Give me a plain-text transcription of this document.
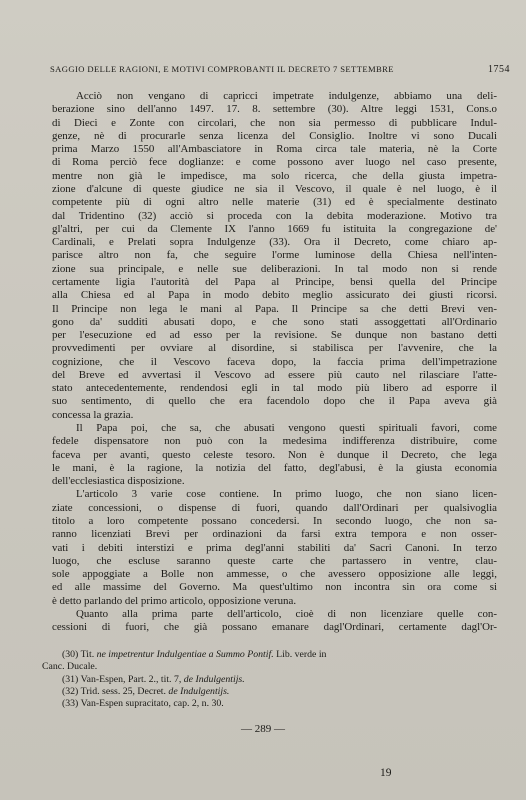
SAGGIO DELLE RAGIONI, E MOTIVI COMPROBANTI IL DECRETO 7 SETTEMBRE	1754
Acciò non vengano di capricci impetrate indulgenze, abbiamo una deli-
berazione sino dell'anno 1497. 17. 8. settembre (30). Altre leggi 1531, Cons.o
di Dieci e Zonte con circolari, che non sia permesso di pubblicare Indul-
genze, nè di procurarle senza licenza del Consiglio. Inoltre vi sono Ducali
prima Marzo 1550 all'Ambasciatore in Roma circa tale materia, nè la Corte
di Roma perciò fece doglianze: e come possono aver luogo nel caso presente,
mentre non già le impedisce, ma solo ricerca, che della giusta impetra-
zione d'alcune di queste giudice ne sia il Vescovo, il quale è nel luogo, è il
competente più di ogni altro nelle materie (31) ed è specialmente destinato
dal Tridentino (32) acciò si proceda con la debita moderazione. Motivo tra
gl'altri, per cui da Clemente IX l'anno 1669 fu istituita la congregazione de'
Cardinali, e Prelati sopra Indulgenze (33). Ora il Decreto, come chiaro ap-
parisce altro non fa, che seguire l'orme luminose della Chiesa nell'inten-
zione sua principale, e nelle sue deliberazioni. In tal modo non si rende
certamente ligia l'autorità del Papa al Principe, bensì quella del Principe
alla Chiesa ed al Papa in modo debito meglio assicurato dei giusti ricorsi.
Il Principe non lega le mani al Papa. Il Principe sa che detti Brevi ven-
gono da' sudditi abusati dopo, e che sono stati assoggettati all'Ordinario
per l'esecuzione ed ad esso per la revisione. Se dunque non bastano detti
provvedimenti per ovviare al disordine, si stabilisca per l'avvenire, che la
cognizione, che il Vescovo faceva dopo, la faccia prima dell'impetrazione
del Breve ed avvertasi il Vescovo ad essere più cauto nel rilasciare l'atte-
stato antecedentemente, rendendosi egli in tal modo più libero ad esporre il
suo sentimento, di quello che era facendolo dopo che il Papa aveva già
concessa la grazia.
Il Papa poi, che sa, che abusati vengono questi spirituali favori, come
fedele dispensatore non può con la medesima indifferenza distribuire, come
faceva per avanti, questo celeste tesoro. Non è dunque il Decreto, che lega
le mani, è la ragione, la notizia del fatto, degl'abusi, è la giusta economia
dell'ecclesiastica disposizione.
L'articolo 3 varie cose contiene. In primo luogo, che non siano licen-
ziate concessioni, o dispense di fuori, quando dall'Ordinari per qualsivoglia
titolo a loro competente possano concedersi. In secondo luogo, che non sa-
ranno licenziati Brevi per ordinazioni da farsi extra tempora e non osser-
vati i debiti interstizi e prima degl'anni stabiliti da' Sacri Canoni. In terzo
luogo, che escluse saranno queste carte che partassero in ventre, clau-
sole appoggiate a Bolle non ammesse, o che avessero opposizione alle leggi,
ed alle massime del Governo. Ma quest'ultimo non incontra sin ora come si
è detto parlando del primo articolo, opposizione veruna.
Quanto alla prima parte dell'articolo, cioè di non licenziare quelle con-
cessioni di fuori, che già possano emanare dagl'Ordinari, certamente dagl'Or-
(30) Tit. ne impetrentur Indulgentiae a Summo Pontif. Lib. verde in
Canc. Ducale.
(31) Van-Espen, Part. 2., tit. 7, de Indulgentijs.
(32) Trid. sess. 25, Decret. de Indulgentijs.
(33) Van-Espen supracitato, cap. 2, n. 30.
— 289 —
19
